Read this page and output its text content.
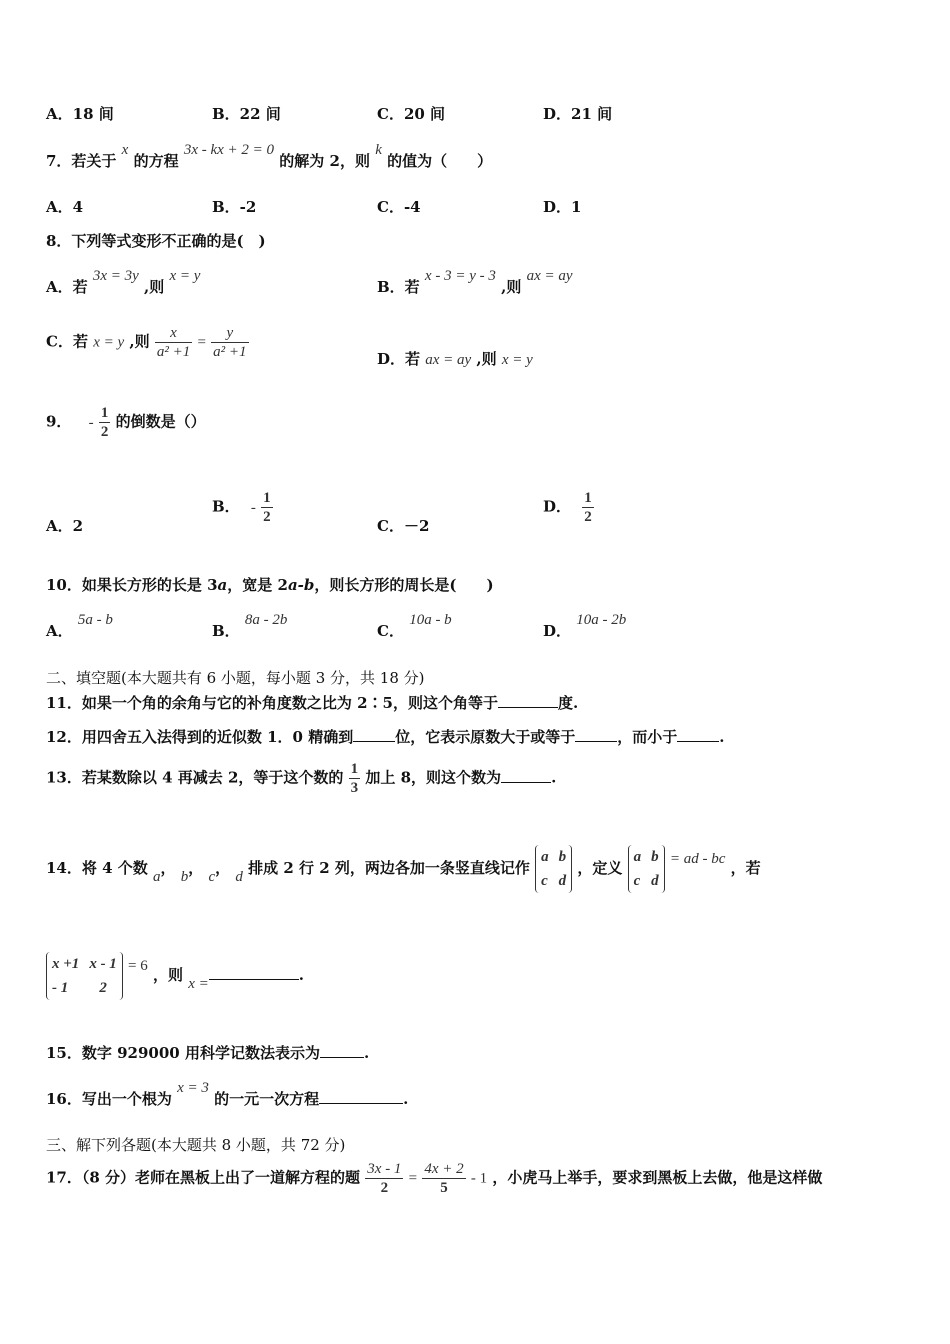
A．18 间	B．22 间	C．20 间	D．21 间
7．若关于 x 的方程 3x - kx + 2 = 0 的解为 2，则 k 的值为（　　）
A．4	B．-2	C．-4	D．1
8．下列等式变形不正确的是(　)
A．若 3x = 3y ,则 x = y
B．若 x - 3 = y - 3 ,则 ax = ay
C．若 x = y ,则 $\frac{x}{\text{a² +1}} = \frac{y}{\text{a² +1}}$	D．若 ax = ay ,则 x = y
9． - $\frac{1}{2}$ 的倒数是（）
A．2
B． - $\frac{1}{2}$	C．－2
D． $\frac{1}{2}$
10．如果长方形的长是 3a，宽是 2a-b，则长方形的周长是(　　)
A． 5a - b
B． 8a - 2b
C． 10a - b
D． 10a - 2b
二、填空题(本大题共有 6 小题，每小题 3 分，共 18 分)
11．如果一个角的余角与它的补角度数之比为 2∶5，则这个角等于	度.
12．用四舍五入法得到的近似数 1．0 精确到	位，它表示原数大于或等于	，而小于	.
13．若某数除以 4 再减去 2，等于这个数的 $\frac{1}{3}$ 加上 8，则这个数为	.
14．将 4 个数 a， b， c， d 排成 2 行 2 列，两边各加一条竖直线记作
a	b
c	d
，定义
a	b
c	d
= ad - bc ，若
x +1	x - 1
- 1	2
= 6 ，则 x =	.
15．数字 929000 用科学记数法表示为	.
16．写出一个根为 x = 3 的一元一次方程	.
三、解下列各题(本大题共 8 小题，共 72 分)
17．（8 分）老师在黑板上出了一道解方程的题 $\frac{3x - 1}{2} = \frac{4x + 2}{5} - 1$ ，小虎马上举手，要求到黑板上去做，他是这样做
